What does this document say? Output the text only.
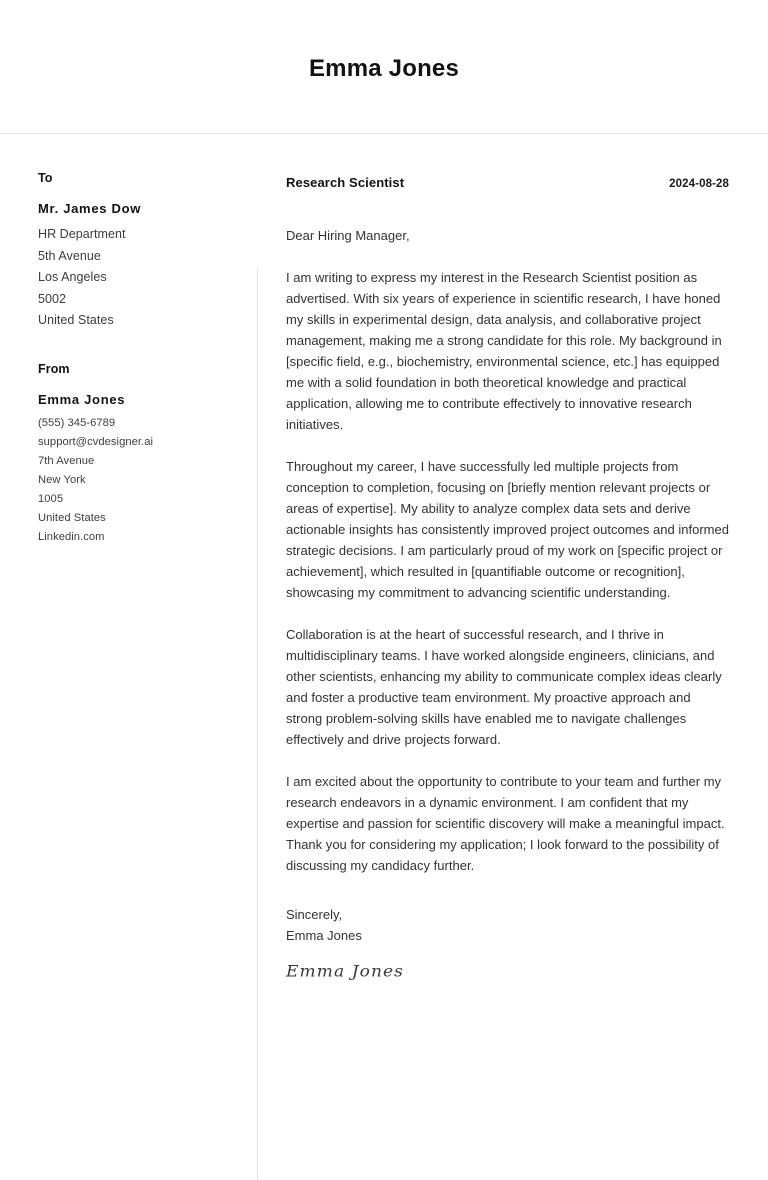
Emma Jones
To
Mr. James Dow
HR Department
5th Avenue
Los Angeles
5002
United States
From
Emma Jones
(555) 345-6789
support@cvdesigner.ai
7th Avenue
New York
1005
United States
Linkedin.com
Research Scientist	2024-08-28

Dear Hiring Manager,

I am writing to express my interest in the Research Scientist position as advertised. With six years of experience in scientific research, I have honed my skills in experimental design, data analysis, and collaborative project management, making me a strong candidate for this role. My background in [specific field, e.g., biochemistry, environmental science, etc.] has equipped me with a solid foundation in both theoretical knowledge and practical application, allowing me to contribute effectively to innovative research initiatives.

Throughout my career, I have successfully led multiple projects from conception to completion, focusing on [briefly mention relevant projects or areas of expertise]. My ability to analyze complex data sets and derive actionable insights has consistently improved project outcomes and informed strategic decisions. I am particularly proud of my work on [specific project or achievement], which resulted in [quantifiable outcome or recognition], showcasing my commitment to advancing scientific understanding.

Collaboration is at the heart of successful research, and I thrive in multidisciplinary teams. I have worked alongside engineers, clinicians, and other scientists, enhancing my ability to communicate complex ideas clearly and foster a productive team environment. My proactive approach and strong problem-solving skills have enabled me to navigate challenges effectively and drive projects forward.

I am excited about the opportunity to contribute to your team and further my research endeavors in a dynamic environment. I am confident that my expertise and passion for scientific discovery will make a meaningful impact. Thank you for considering my application; I look forward to the possibility of discussing my candidacy further.

Sincerely,
Emma Jones
Emma Jones
